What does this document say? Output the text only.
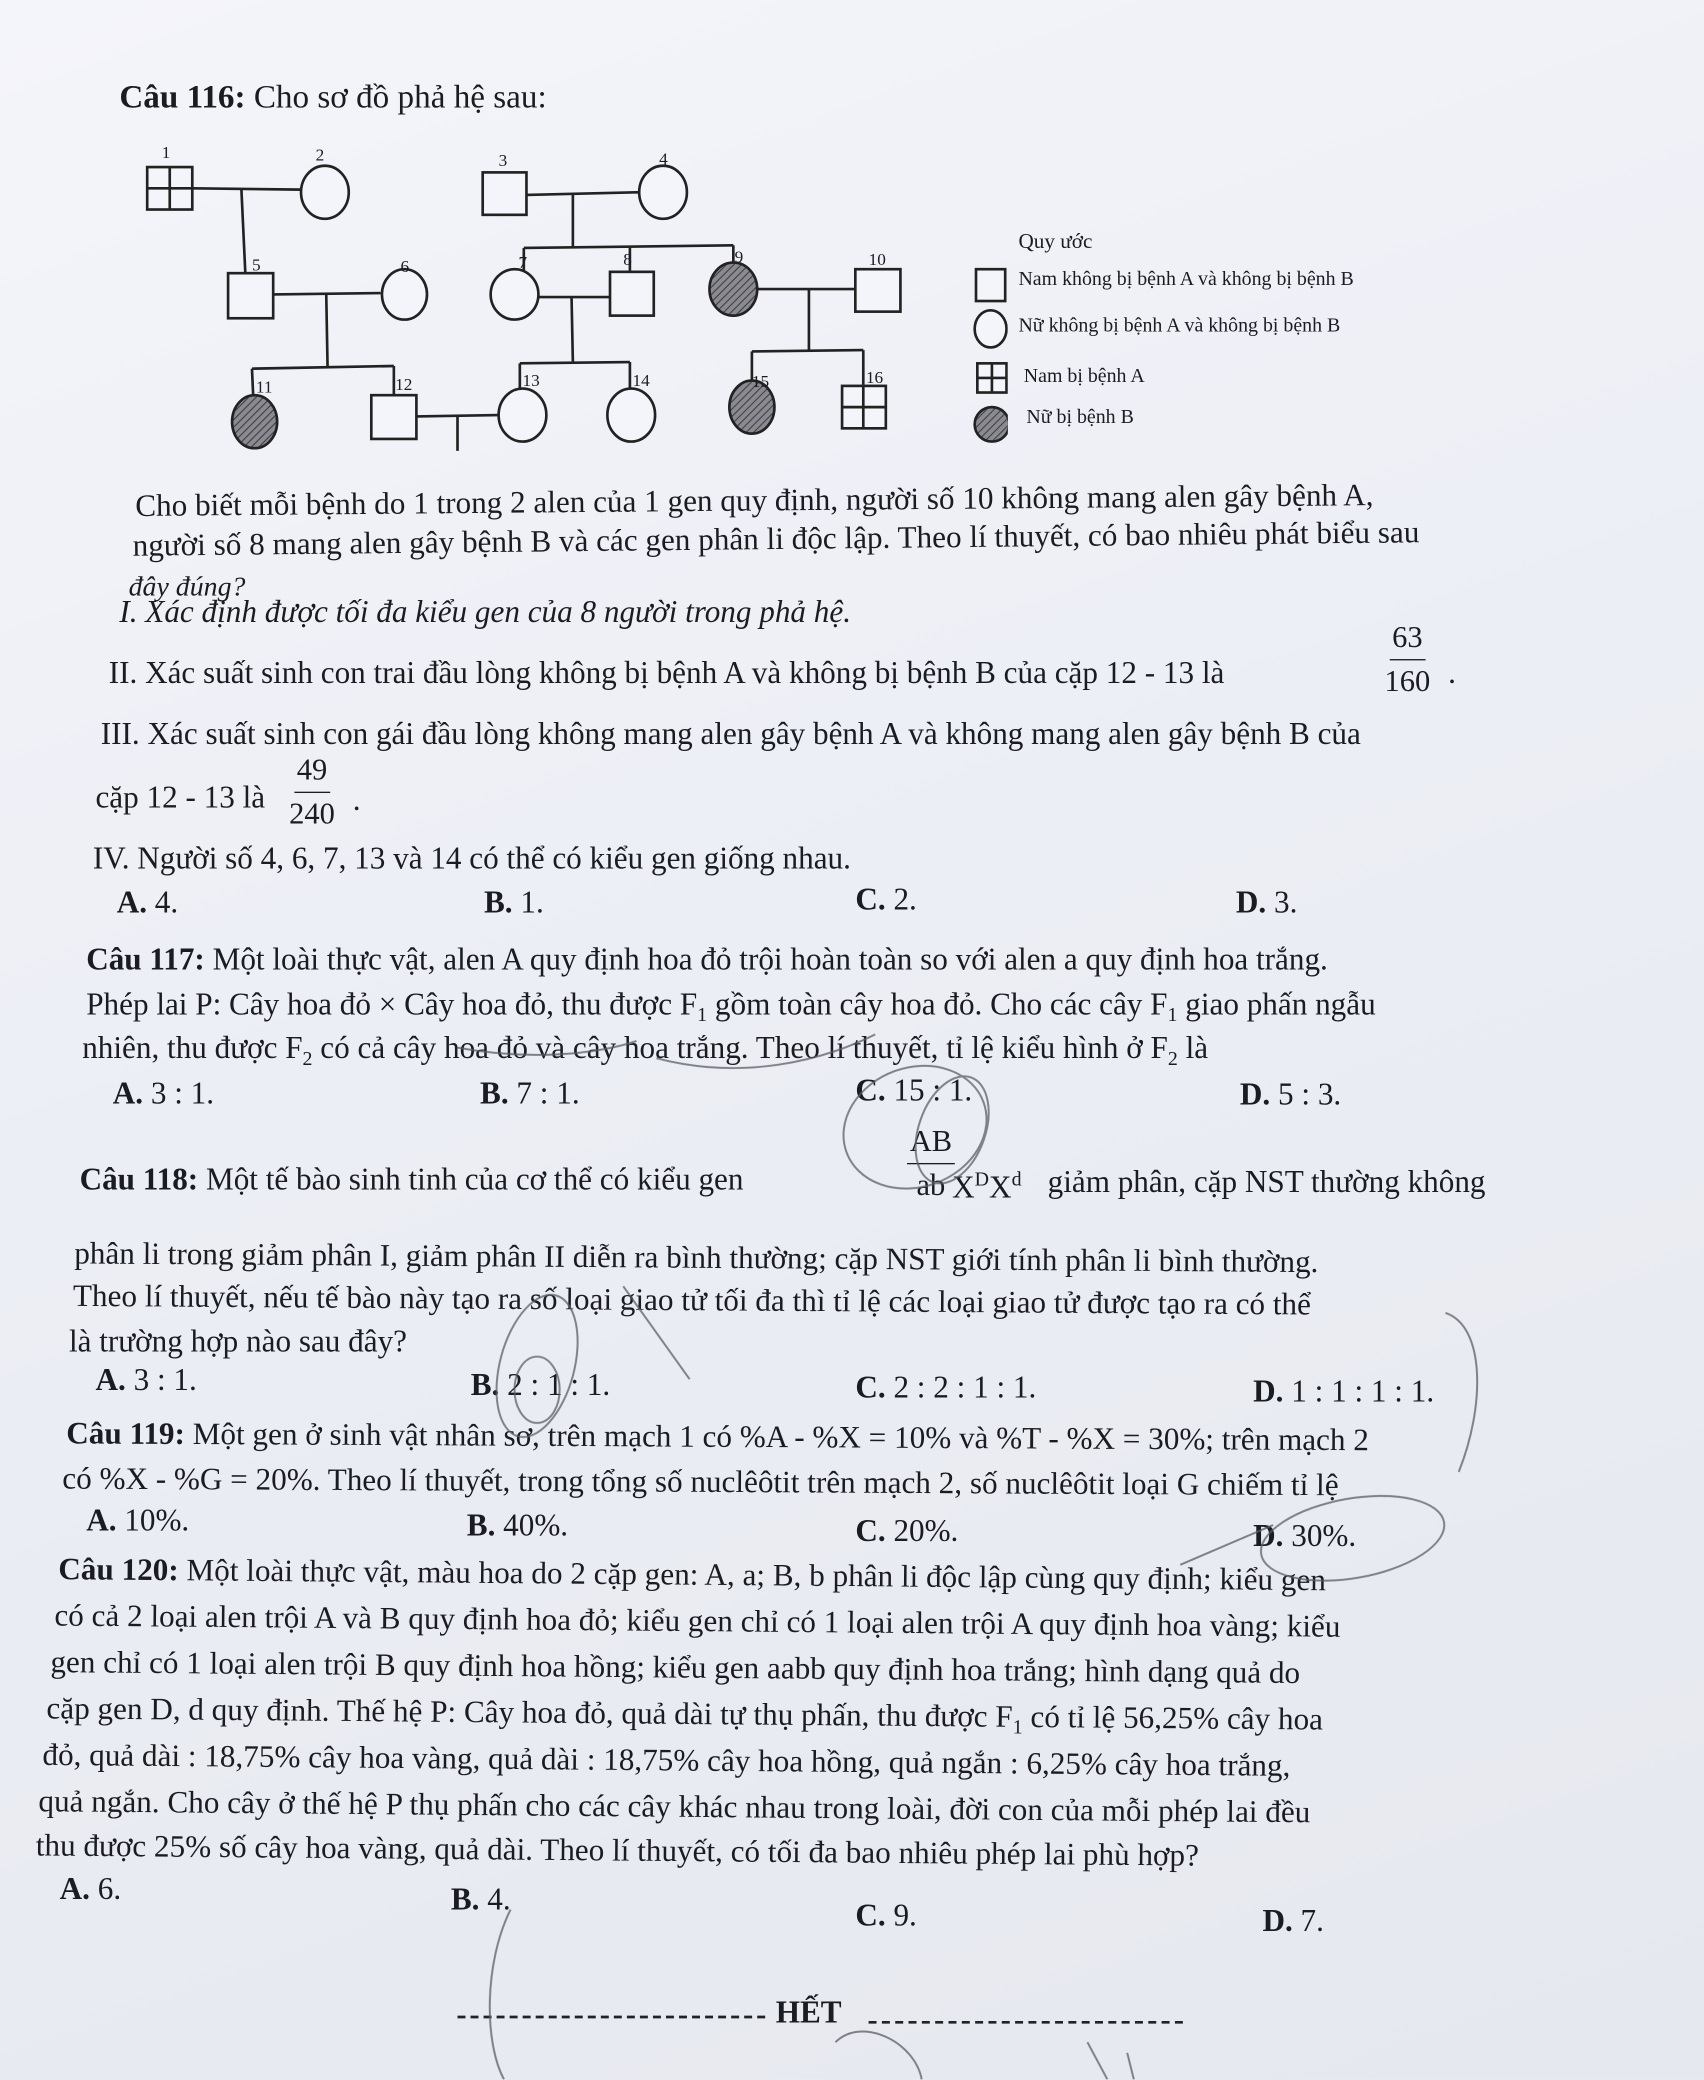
Câu 116: Cho sơ đồ phả hệ sau:
1	2	3	4
5	6	7	8	9	10
11	12	13	14	15	16
Quy ước
Nam không bị bệnh A và không bị bệnh B
Nữ không bị bệnh A và không bị bệnh B
Nam bị bệnh A
Nữ bị bệnh B
Cho biết mỗi bệnh do 1 trong 2 alen của 1 gen quy định, người số 10 không mang alen gây bệnh A,
người số 8 mang alen gây bệnh B và các gen phân li độc lập. Theo lí thuyết, có bao nhiêu phát biểu sau
đây đúng?
I. Xác định được tối đa kiểu gen của 8 người trong phả hệ.
II. Xác suất sinh con trai đầu lòng không bị bệnh A và không bị bệnh B của cặp 12 - 13 là	$\frac{63}{160}$ .
III. Xác suất sinh con gái đầu lòng không mang alen gây bệnh A và không mang alen gây bệnh B của
cặp 12 - 13 là $\frac{49}{240}$ .
IV. Người số 4, 6, 7, 13 và 14 có thể có kiểu gen giống nhau.
A. 4.	B. 1.	C. 2.	D. 3.
Câu 117: Một loài thực vật, alen A quy định hoa đỏ trội hoàn toàn so với alen a quy định hoa trắng.
Phép lai P: Cây hoa đỏ × Cây hoa đỏ, thu được $F_1$ gồm toàn cây hoa đỏ. Cho các cây $F_1$ giao phấn ngẫu
nhiên, thu được $F_2$ có cả cây hoa đỏ và cây hoa trắng. Theo lí thuyết, tỉ lệ kiểu hình ở $F_2$ là
A. 3 : 1.	B. 7 : 1.	C. 15 : 1.	D. 5 : 3.
Câu 118: Một tế bào sinh tinh của cơ thể có kiểu gen	$\frac{AB}{ab}$
$X^DX^d$ giảm phân, cặp NST thường không
phân li trong giảm phân I, giảm phân II diễn ra bình thường; cặp NST giới tính phân li bình thường.
Theo lí thuyết, nếu tế bào này tạo ra số loại giao tử tối đa thì tỉ lệ các loại giao tử được tạo ra có thể
là trường hợp nào sau đây?
A. 3 : 1.	B. 2 : 1 : 1.	C. 2 : 2 : 1 : 1.	D. 1 : 1 : 1 : 1.
Câu 119: Một gen ở sinh vật nhân sơ, trên mạch 1 có %A - %X = 10% và %T - %X = 30%; trên mạch 2
có %X - %G = 20%. Theo lí thuyết, trong tổng số nuclêôtit trên mạch 2, số nuclêôtit loại G chiếm tỉ lệ
A. 10%.	B. 40%.	C. 20%.	D. 30%.
Câu 120: Một loài thực vật, màu hoa do 2 cặp gen: A, a; B, b phân li độc lập cùng quy định; kiểu gen
có cả 2 loại alen trội A và B quy định hoa đỏ; kiểu gen chỉ có 1 loại alen trội A quy định hoa vàng; kiểu
gen chỉ có 1 loại alen trội B quy định hoa hồng; kiểu gen aabb quy định hoa trắng; hình dạng quả do
cặp gen D, d quy định. Thế hệ P: Cây hoa đỏ, quả dài tự thụ phấn, thu được $F_1$ có tỉ lệ 56,25% cây hoa
đỏ, quả dài : 18,75% cây hoa vàng, quả dài : 18,75% cây hoa hồng, quả ngắn : 6,25% cây hoa trắng,
quả ngắn. Cho cây ở thế hệ P thụ phấn cho các cây khác nhau trong loài, đời con của mỗi phép lai đều
thu được 25% số cây hoa vàng, quả dài. Theo lí thuyết, có tối đa bao nhiêu phép lai phù hợp?
A. 6.	B. 4.	C. 9.	D. 7.
HẾT
